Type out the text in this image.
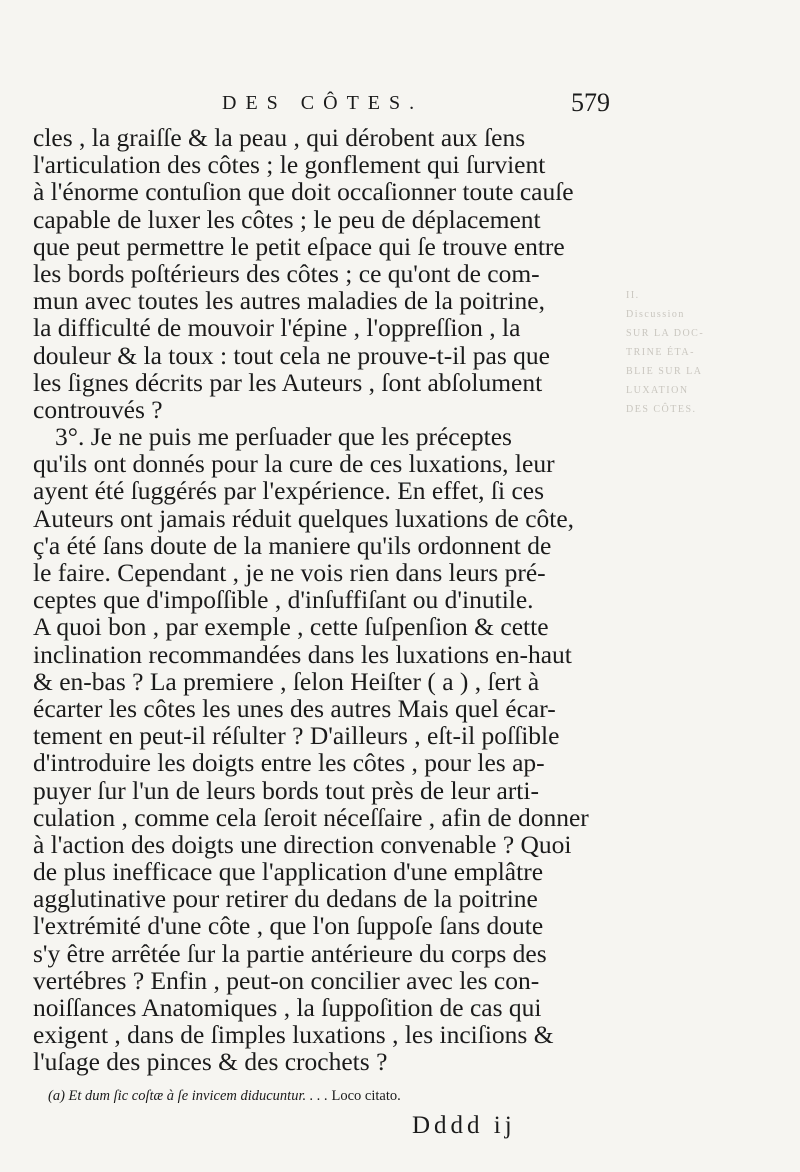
DES CÔTES.	579

cles , la graiſſe & la peau , qui dérobent aux ſens
l'articulation des côtes ; le gonflement qui ſurvient
à l'énorme contuſion que doit occaſionner toute cauſe
capable de luxer les côtes ; le peu de déplacement
que peut permettre le petit eſpace qui ſe trouve entre
les bords poſtérieurs des côtes ; ce qu'ont de com-
mun avec toutes les autres maladies de la poitrine,
la difficulté de mouvoir l'épine , l'oppreſſion , la
douleur & la toux : tout cela ne prouve-t-il pas que
les ſignes décrits par les Auteurs , ſont abſolument
controuvés ?

3°. Je ne puis me perſuader que les préceptes
qu'ils ont donnés pour la cure de ces luxations, leur
ayent été ſuggérés par l'expérience. En effet, ſi ces
Auteurs ont jamais réduit quelques luxations de côte,
ç'a été ſans doute de la maniere qu'ils ordonnent de
le faire. Cependant , je ne vois rien dans leurs pré-
ceptes que d'impoſſible , d'inſuffiſant ou d'inutile.
A quoi bon , par exemple , cette ſuſpenſion & cette
inclination recommandées dans les luxations en-haut
& en-bas ? La premiere , ſelon Heiſter ( a ) , ſert à
écarter les côtes les unes des autres Mais quel écar-
tement en peut-il réſulter ? D'ailleurs , eſt-il poſſible
d'introduire les doigts entre les côtes , pour les ap-
puyer ſur l'un de leurs bords tout près de leur arti-
culation , comme cela ſeroit néceſſaire , afin de donner
à l'action des doigts une direction convenable ? Quoi
de plus inefficace que l'application d'une emplâtre
agglutinative pour retirer du dedans de la poitrine
l'extrémité d'une côte , que l'on ſuppoſe ſans doute
s'y être arrêtée ſur la partie antérieure du corps des
vertébres ? Enfin , peut-on concilier avec les con-
noiſſances Anatomiques , la ſuppoſition de cas qui
exigent , dans de ſimples luxations , les inciſions &
l'uſage des pinces & des crochets ?

II.
Discussion
SUR LA DOC-
TRINE ÉTA-
BLIE SUR LA
LUXATION
DES CÔTES.
(a) Et dum ſic coſtæ à ſe invicem diducuntur. . . . Loco citato.
Dddd ij
